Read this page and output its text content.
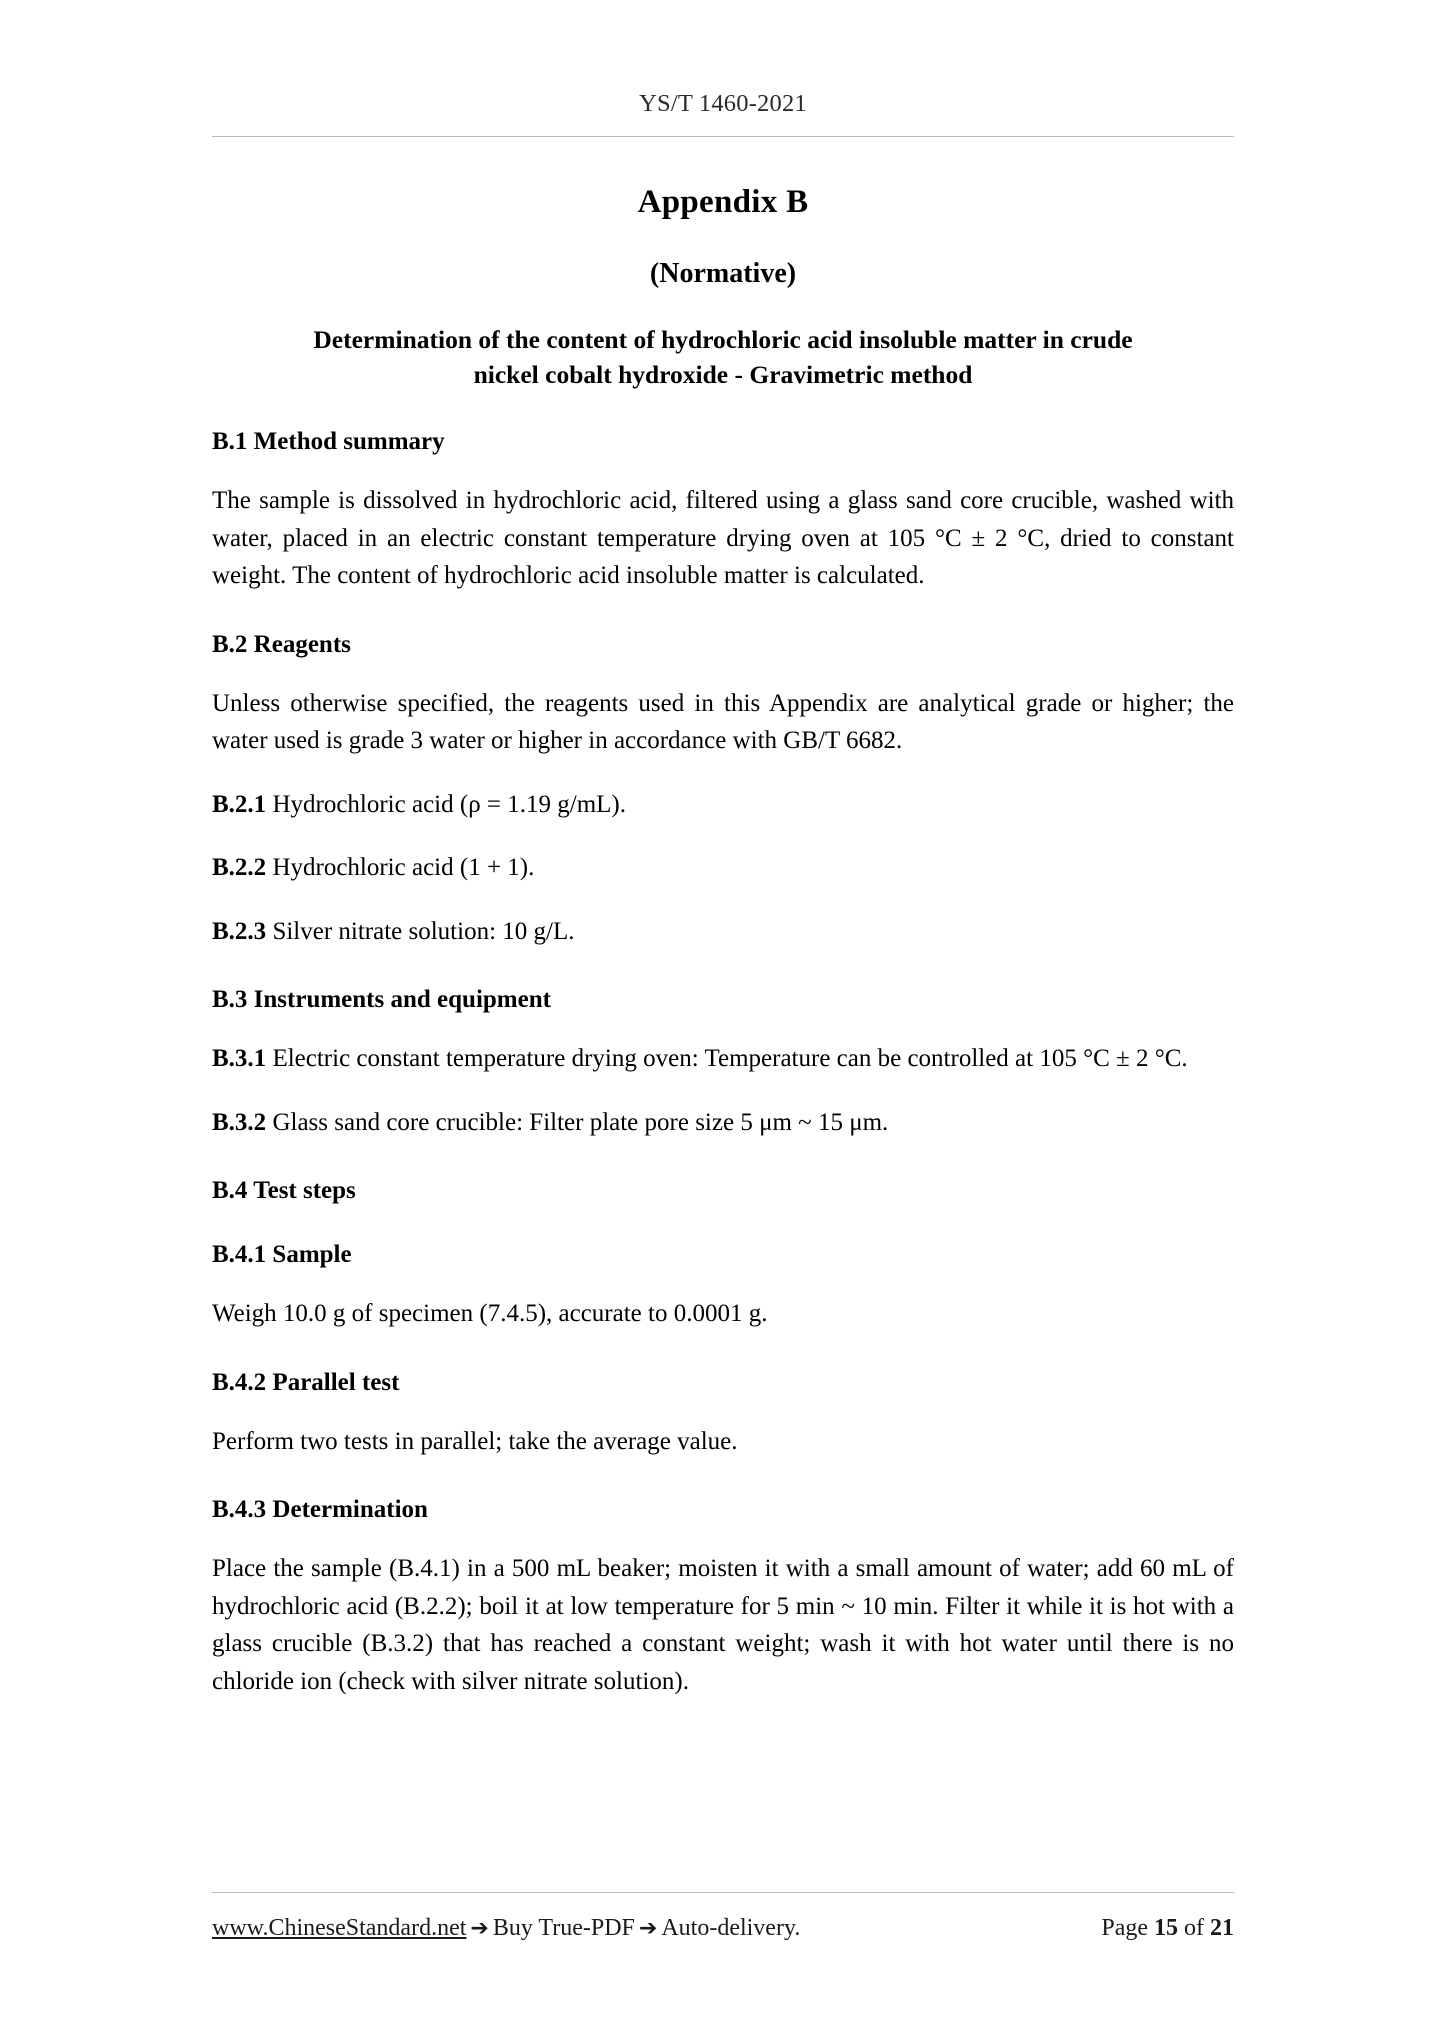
YS/T 1460-2021
Appendix B
(Normative)
Determination of the content of hydrochloric acid insoluble matter in crude
nickel cobalt hydroxide - Gravimetric method
B.1 Method summary

The sample is dissolved in hydrochloric acid, filtered using a glass sand core crucible, washed with water, placed in an electric constant temperature drying oven at 105 °C ± 2 °C, dried to constant weight. The content of hydrochloric acid insoluble matter is calculated.

B.2 Reagents

Unless otherwise specified, the reagents used in this Appendix are analytical grade or higher; the water used is grade 3 water or higher in accordance with GB/T 6682.

B.2.1 Hydrochloric acid (ρ = 1.19 g/mL).

B.2.2 Hydrochloric acid (1 + 1).

B.2.3 Silver nitrate solution: 10 g/L.

B.3 Instruments and equipment

B.3.1 Electric constant temperature drying oven: Temperature can be controlled at 105 °C ± 2 °C.

B.3.2 Glass sand core crucible: Filter plate pore size 5 μm ~ 15 μm.

B.4 Test steps
B.4.1 Sample

Weigh 10.0 g of specimen (7.4.5), accurate to 0.0001 g.

B.4.2 Parallel test

Perform two tests in parallel; take the average value.

B.4.3 Determination

Place the sample (B.4.1) in a 500 mL beaker; moisten it with a small amount of water; add 60 mL of hydrochloric acid (B.2.2); boil it at low temperature for 5 min ~ 10 min. Filter it while it is hot with a glass crucible (B.3.2) that has reached a constant weight; wash it with hot water until there is no chloride ion (check with silver nitrate solution).

www.ChineseStandard.net ➔ Buy True-PDF ➔ Auto-delivery.	Page 15 of 21
